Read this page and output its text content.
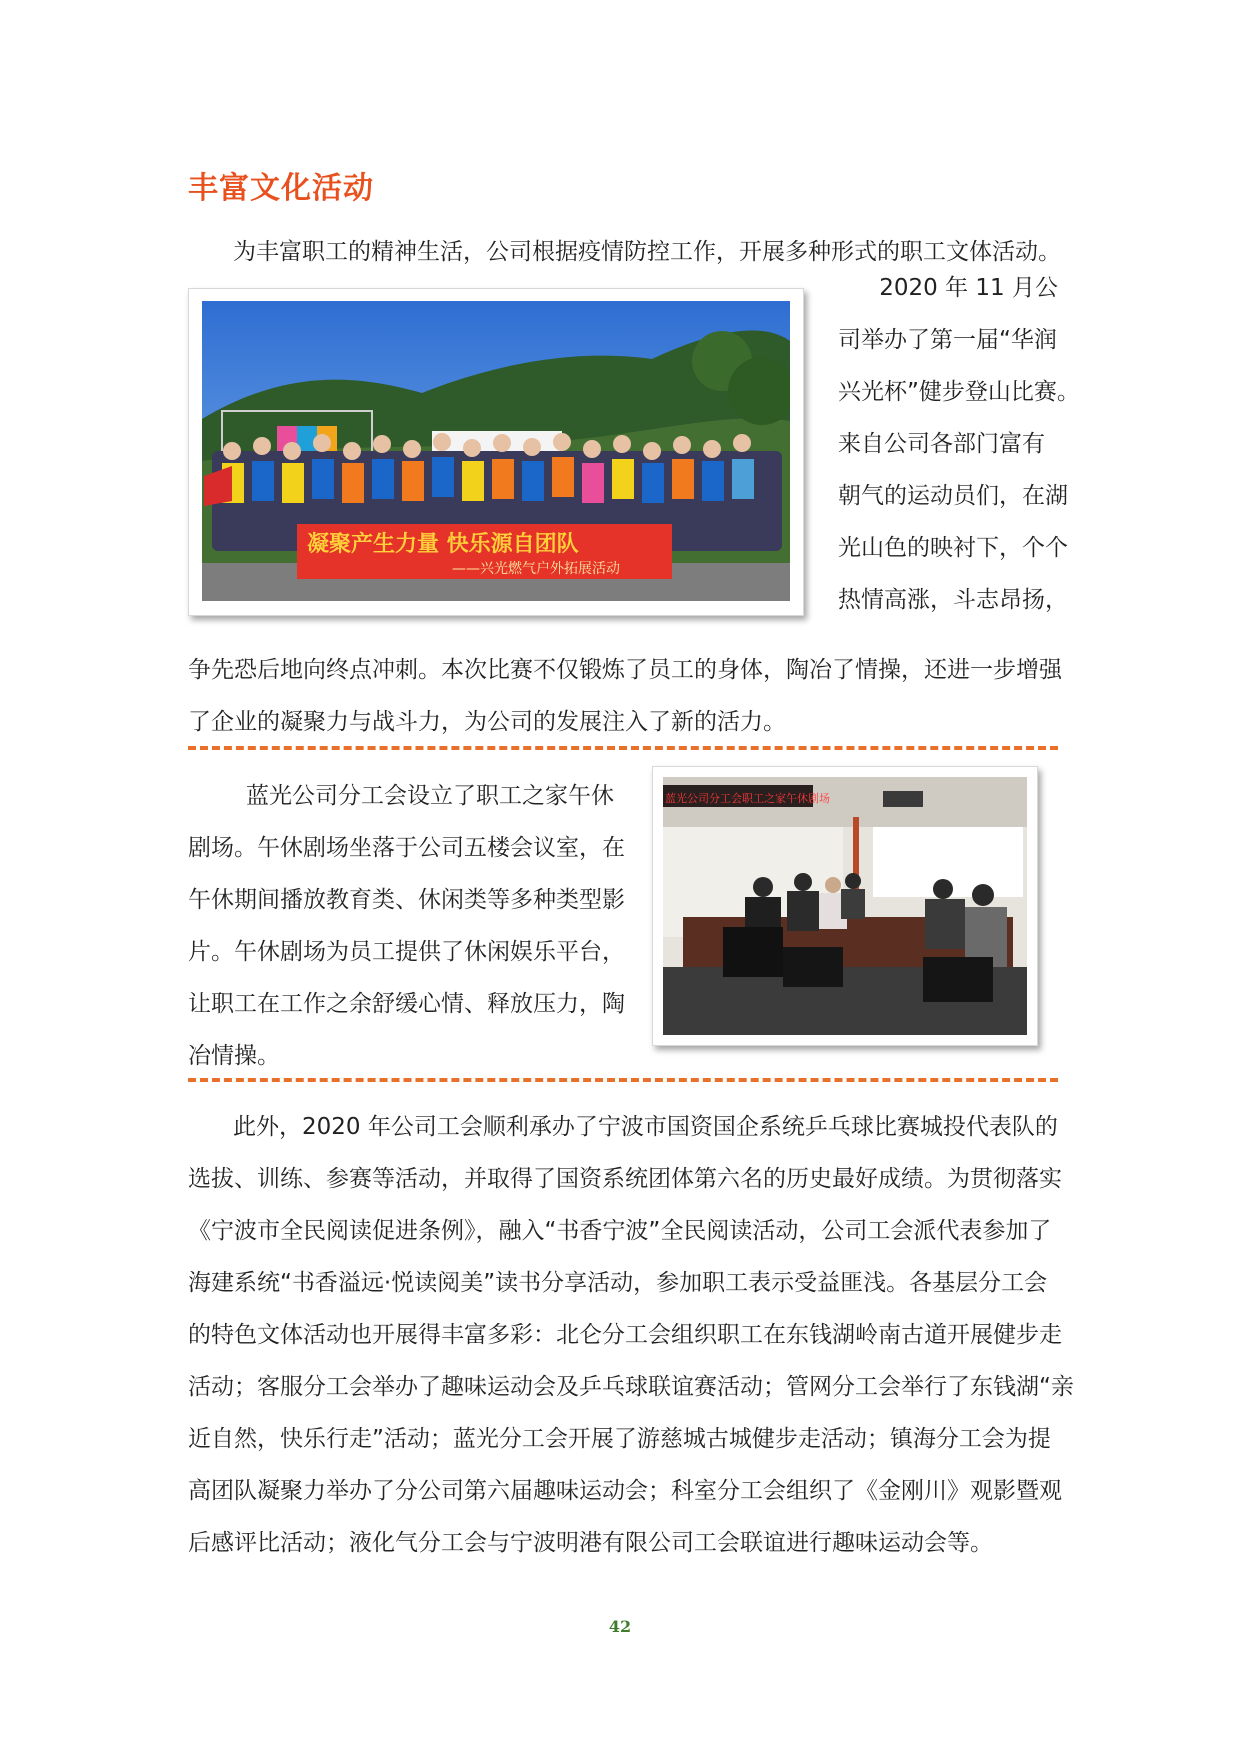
丰富文化活动
为丰富职工的精神生活，公司根据疫情防控工作，开展多种形式的职工文体活动。
凝聚产生力量 快乐源自团队
——兴光燃气户外拓展活动
2020 年 11 月公
司举办了第一届“华润
兴光杯”健步登山比赛。
来自公司各部门富有
朝气的运动员们，在湖
光山色的映衬下，个个
热情高涨，斗志昂扬，
争先恐后地向终点冲刺。本次比赛不仅锻炼了员工的身体，陶冶了情操，还进一步增强
了企业的凝聚力与战斗力，为公司的发展注入了新的活力。
蓝光公司分工会设立了职工之家午休
剧场。午休剧场坐落于公司五楼会议室，在
午休期间播放教育类、休闲类等多种类型影
片。午休剧场为员工提供了休闲娱乐平台，
让职工在工作之余舒缓心情、释放压力，陶
冶情操。
蓝光公司分工会职工之家午休剧场
此外，2020 年公司工会顺利承办了宁波市国资国企系统乒乓球比赛城投代表队的
选拔、训练、参赛等活动，并取得了国资系统团体第六名的历史最好成绩。为贯彻落实
《宁波市全民阅读促进条例》，融入“书香宁波”全民阅读活动，公司工会派代表参加了
海建系统“书香溢远·悦读阅美”读书分享活动，参加职工表示受益匪浅。各基层分工会
的特色文体活动也开展得丰富多彩：北仑分工会组织职工在东钱湖岭南古道开展健步走
活动；客服分工会举办了趣味运动会及乒乓球联谊赛活动；管网分工会举行了东钱湖“亲
近自然，快乐行走”活动；蓝光分工会开展了游慈城古城健步走活动；镇海分工会为提
高团队凝聚力举办了分公司第六届趣味运动会；科室分工会组织了《金刚川》观影暨观
后感评比活动；液化气分工会与宁波明港有限公司工会联谊进行趣味运动会等。
42
